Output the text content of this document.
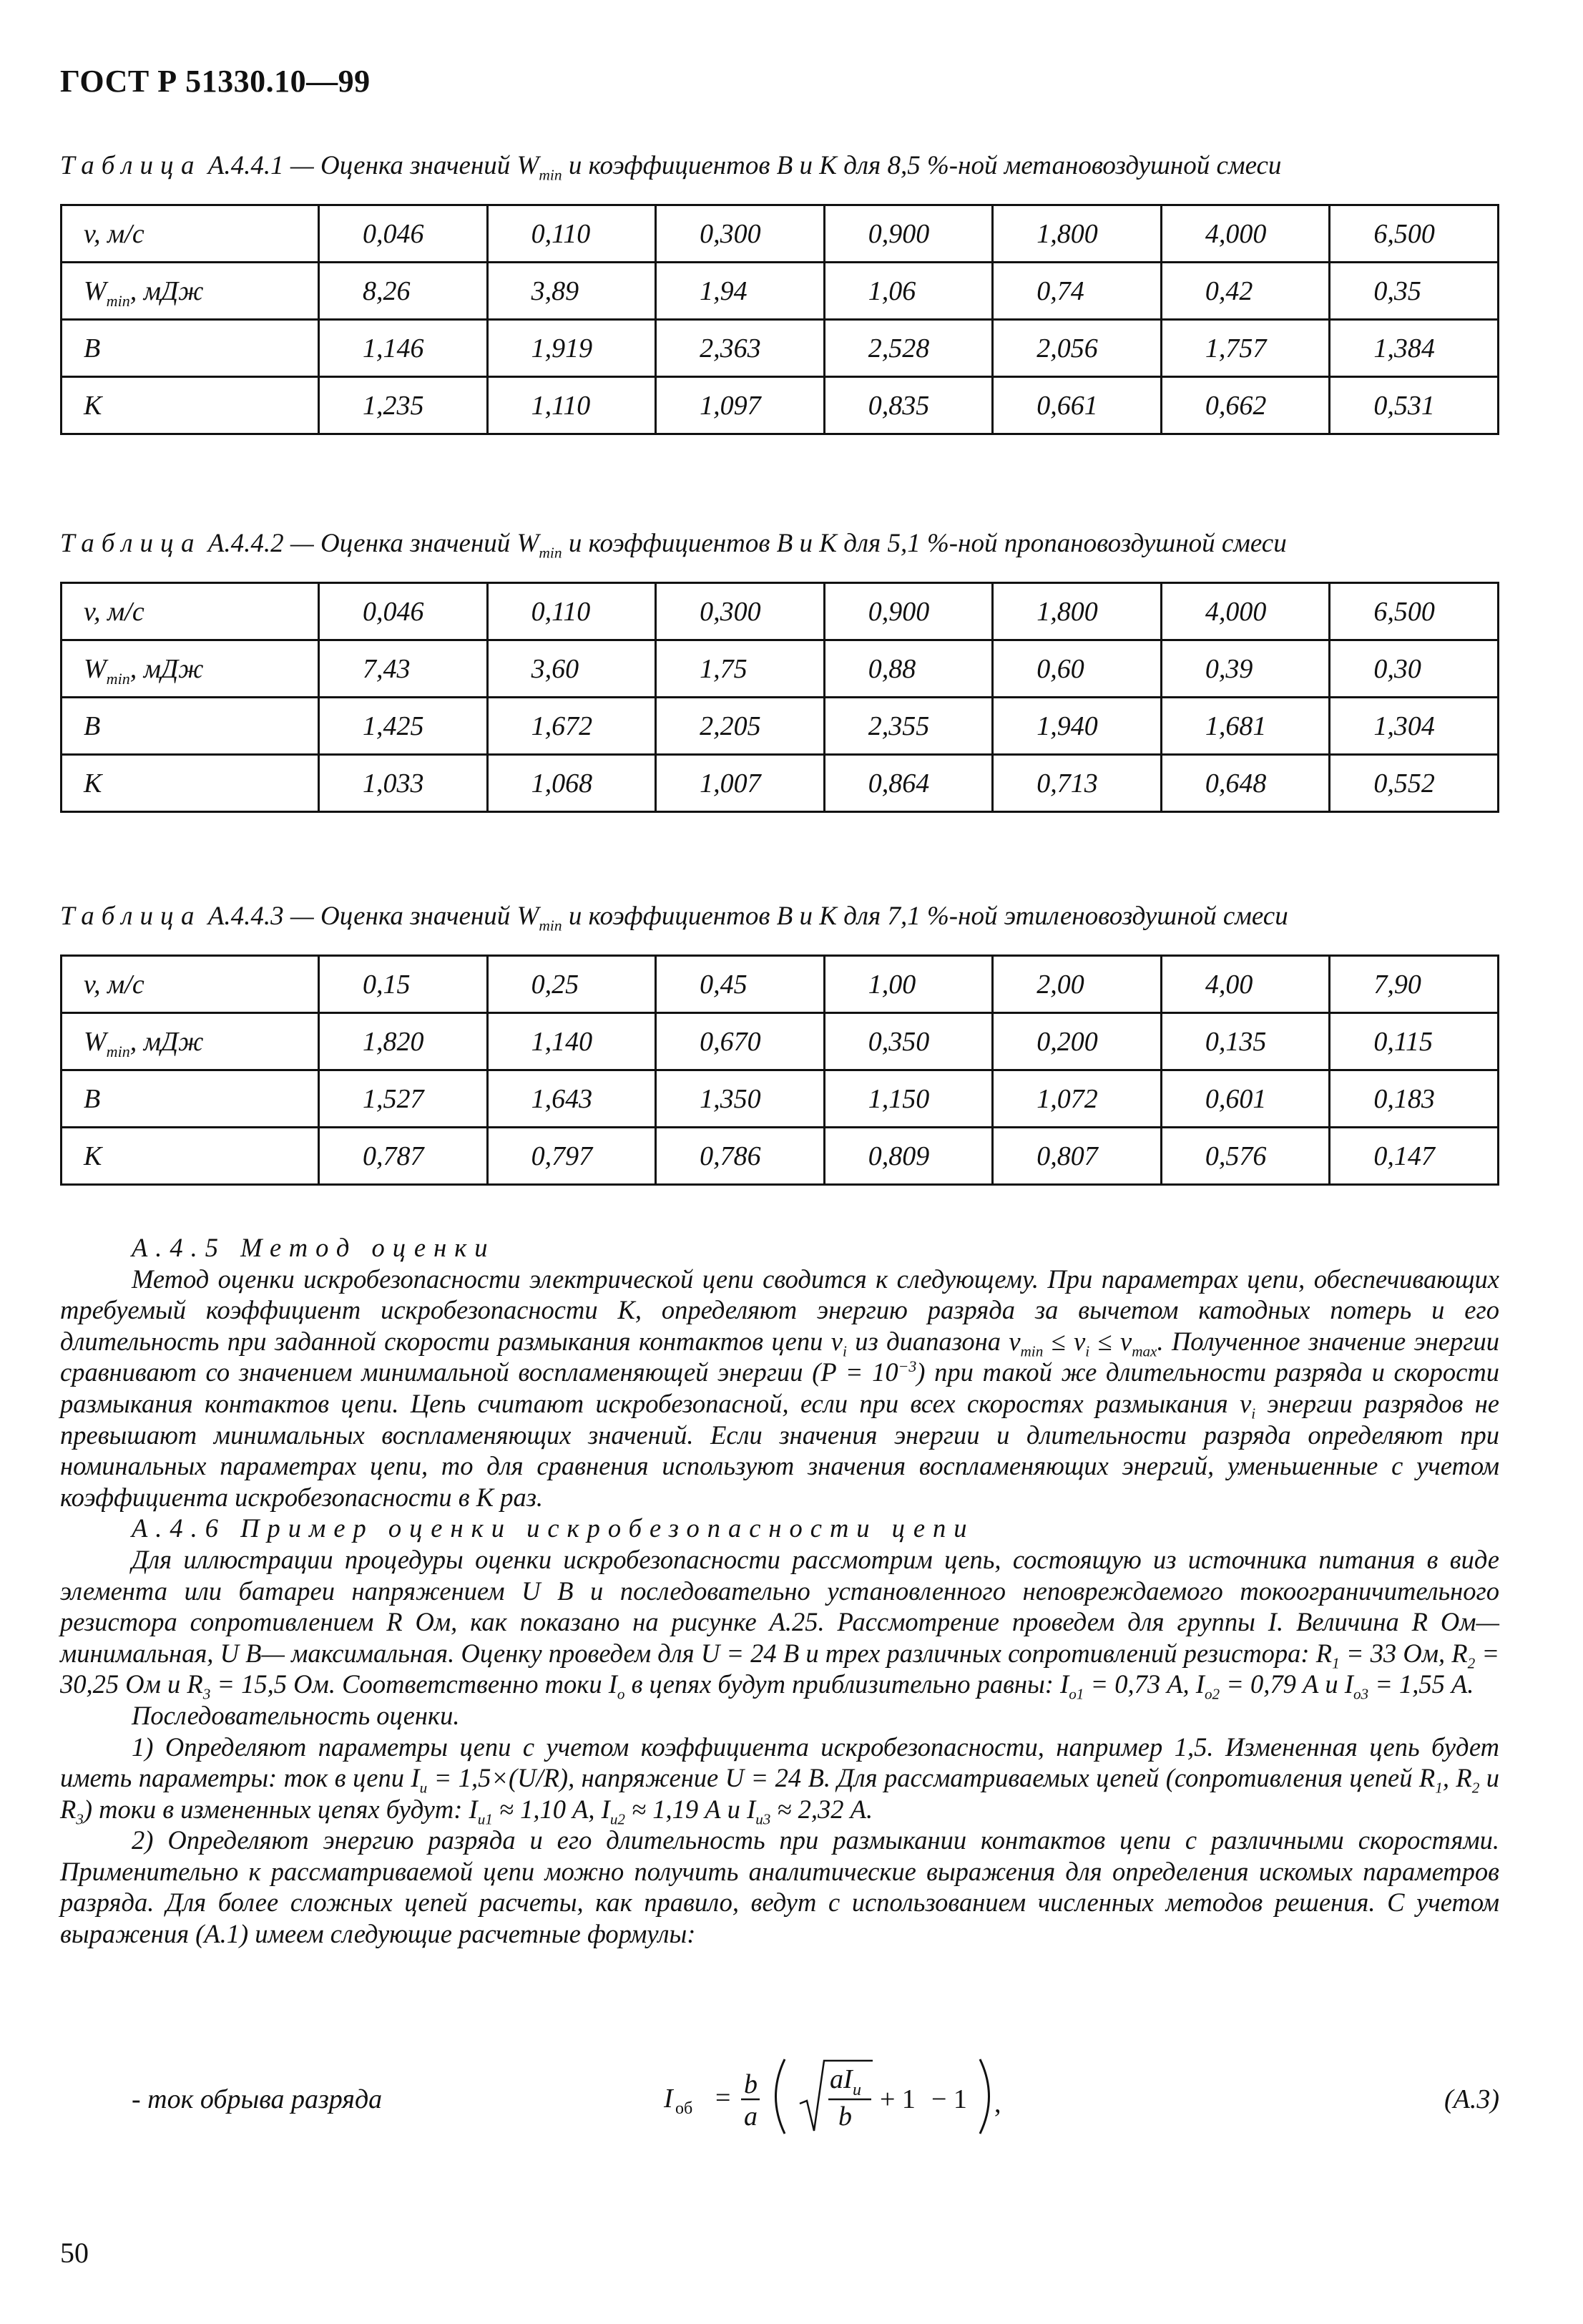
ГОСТ Р 51330.10—99
Таблица А.4.4.1 — Оценка значений $W_{min}$ и коэффициентов B и K для 8,5 %-ной метановоздушной смеси
v, м/с	0,046	0,110	0,300	0,900	1,800	4,000	6,500
$W_{min}$, мДж	8,26	3,89	1,94	1,06	0,74	0,42	0,35
B	1,146	1,919	2,363	2,528	2,056	1,757	1,384
K	1,235	1,110	1,097	0,835	0,661	0,662	0,531
Таблица А.4.4.2 — Оценка значений $W_{min}$ и коэффициентов B и K для 5,1 %-ной пропановоздушной смеси
v, м/с	0,046	0,110	0,300	0,900	1,800	4,000	6,500
$W_{min}$, мДж	7,43	3,60	1,75	0,88	0,60	0,39	0,30
B	1,425	1,672	2,205	2,355	1,940	1,681	1,304
K	1,033	1,068	1,007	0,864	0,713	0,648	0,552
Таблица А.4.4.3 — Оценка значений $W_{min}$ и коэффициентов B и K для 7,1 %-ной этиленовоздушной смеси
v, м/с	0,15	0,25	0,45	1,00	2,00	4,00	7,90
$W_{min}$, мДж	1,820	1,140	0,670	0,350	0,200	0,135	0,115
B	1,527	1,643	1,350	1,150	1,072	0,601	0,183
K	0,787	0,797	0,786	0,809	0,807	0,576	0,147

А.4.5 Метод оценки

Метод оценки искробезопасности электрической цепи сводится к следующему. При параметрах цепи, обеспечивающих требуемый коэффициент искробезопасности K, определяют энергию разряда за вычетом катодных потерь и его длительность при заданной скорости размыкания контактов цепи $v_i$ из диапазона $v_{min} \le v_i \le v_{max}$. Полученное значение энергии сравнивают со значением минимальной воспламеняющей энергии $(P = 10^{-3})$ при такой же длительности разряда и скорости размыкания контактов цепи. Цепь считают искробезопасной, если при всех скоростях размыкания $v_i$ энергии разрядов не превышают минимальных воспламеняющих значений. Если значения энергии и длительности разряда определяют при номинальных параметрах цепи, то для сравнения используют значения воспламеняющих энергий, уменьшенные с учетом коэффициента искробезопасности в K раз.

А.4.6 Пример оценки искробезопасности цепи

Для иллюстрации процедуры оценки искробезопасности рассмотрим цепь, состоящую из источника питания в виде элемента или батареи напряжением U В и последовательно установленного неповреждаемого токоограничительного резистора сопротивлением R Ом, как показано на рисунке А.25. Рассмотрение проведем для группы I. Величина R Ом— минимальная, U В— максимальная. Оценку проведем для U = 24 В и трех различных сопротивлений резистора: $R_1 = 33$ Ом, $R_2 = 30,25$ Ом и $R_3 = 15,5$ Ом. Соответственно токи $I_o$ в цепях будут приблизительно равны: $I_{o1} = 0,73$ А, $I_{o2} = 0,79$ А и $I_{o3} = 1,55$ А.

Последовательность оценки.

1) Определяют параметры цепи с учетом коэффициента искробезопасности, например 1,5. Измененная цепь будет иметь параметры: ток в цепи $I_u = 1,5\times(U/R)$, напряжение U = 24 В. Для рассматриваемых цепей (сопротивления цепей $R_1$, $R_2$ и $R_3$) токи в измененных цепях будут: $I_{u1} \approx 1,10$ А, $I_{u2} \approx 1,19$ А и $I_{u3} \approx 2,32$ А.

2) Определяют энергию разряда и его длительность при размыкании контактов цепи с различными скоростями. Применительно к рассматриваемой цепи можно получить аналитические выражения для определения искомых параметров разряда. Для более сложных цепей расчеты, как правило, ведут с использованием численных методов решения. С учетом выражения (А.1) имеем следующие расчетные формулы:

- ток обрыва разряда	I об = b
a
aI u
b
+ 1 − 1 ,	(А.3)
50
